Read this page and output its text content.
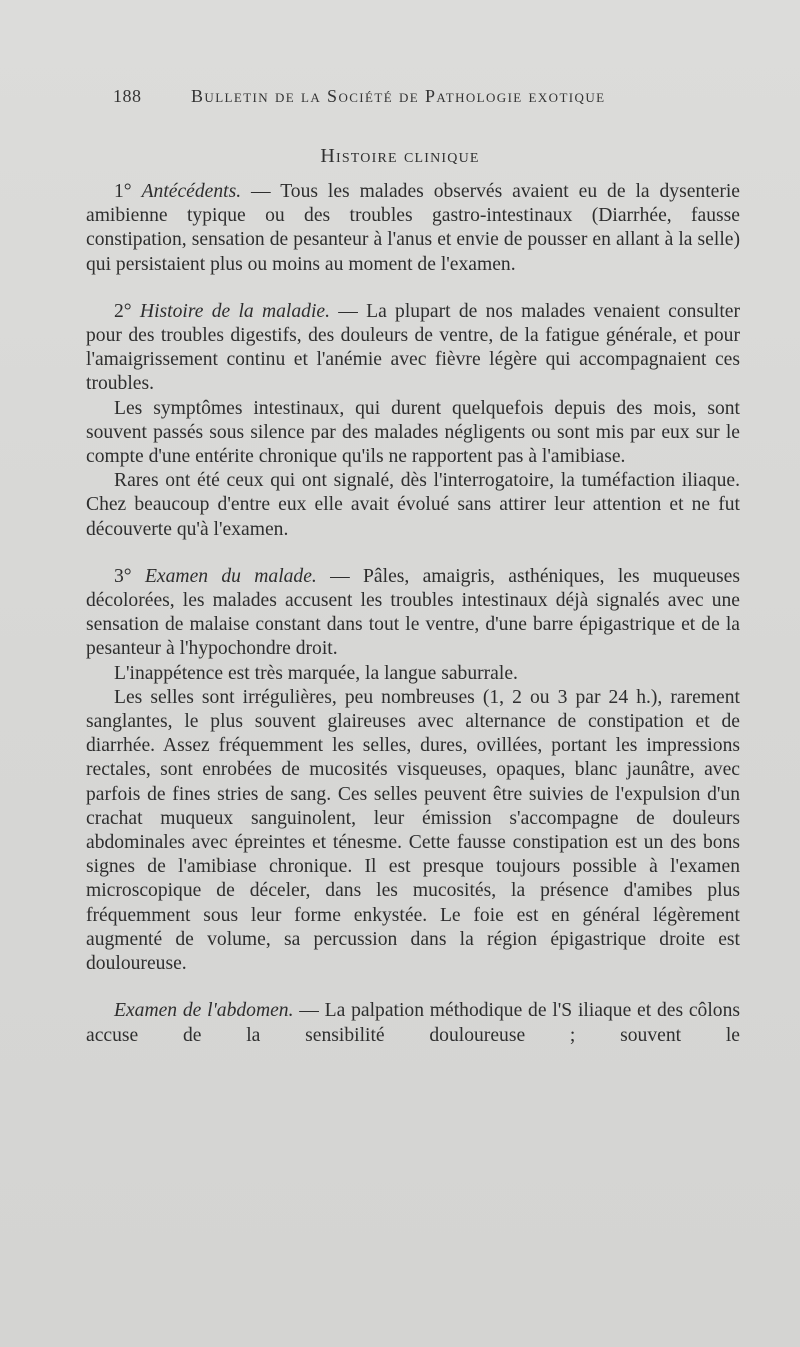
188	Bulletin de la Société de Pathologie exotique
Histoire clinique

1° Antécédents. — Tous les malades observés avaient eu de la dysenterie amibienne typique ou des troubles gastro-intestinaux (Diarrhée, fausse constipation, sensation de pesanteur à l'anus et envie de pousser en allant à la selle) qui persistaient plus ou moins au moment de l'examen.

2° Histoire de la maladie. — La plupart de nos malades venaient consulter pour des troubles digestifs, des douleurs de ventre, de la fatigue générale, et pour l'amaigrissement continu et l'anémie avec fièvre légère qui accompagnaient ces troubles.

Les symptômes intestinaux, qui durent quelquefois depuis des mois, sont souvent passés sous silence par des malades négligents ou sont mis par eux sur le compte d'une entérite chronique qu'ils ne rapportent pas à l'amibiase.

Rares ont été ceux qui ont signalé, dès l'interrogatoire, la tuméfaction iliaque. Chez beaucoup d'entre eux elle avait évolué sans attirer leur attention et ne fut découverte qu'à l'examen.

3° Examen du malade. — Pâles, amaigris, asthéniques, les muqueuses décolorées, les malades accusent les troubles intestinaux déjà signalés avec une sensation de malaise constant dans tout le ventre, d'une barre épigastrique et de la pesanteur à l'hypochondre droit.

L'inappétence est très marquée, la langue saburrale.

Les selles sont irrégulières, peu nombreuses (1, 2 ou 3 par 24 h.), rarement sanglantes, le plus souvent glaireuses avec alternance de constipation et de diarrhée. Assez fréquemment les selles, dures, ovillées, portant les impressions rectales, sont enrobées de mucosités visqueuses, opaques, blanc jaunâtre, avec parfois de fines stries de sang. Ces selles peuvent être suivies de l'expulsion d'un crachat muqueux sanguinolent, leur émission s'accompagne de douleurs abdominales avec épreintes et ténesme. Cette fausse constipation est un des bons signes de l'amibiase chronique. Il est presque toujours possible à l'examen microscopique de déceler, dans les mucosités, la présence d'amibes plus fréquemment sous leur forme enkystée. Le foie est en général légèrement augmenté de volume, sa percussion dans la région épigastrique droite est douloureuse.

Examen de l'abdomen. — La palpation méthodique de l'S iliaque et des côlons accuse de la sensibilité douloureuse ; souvent le
